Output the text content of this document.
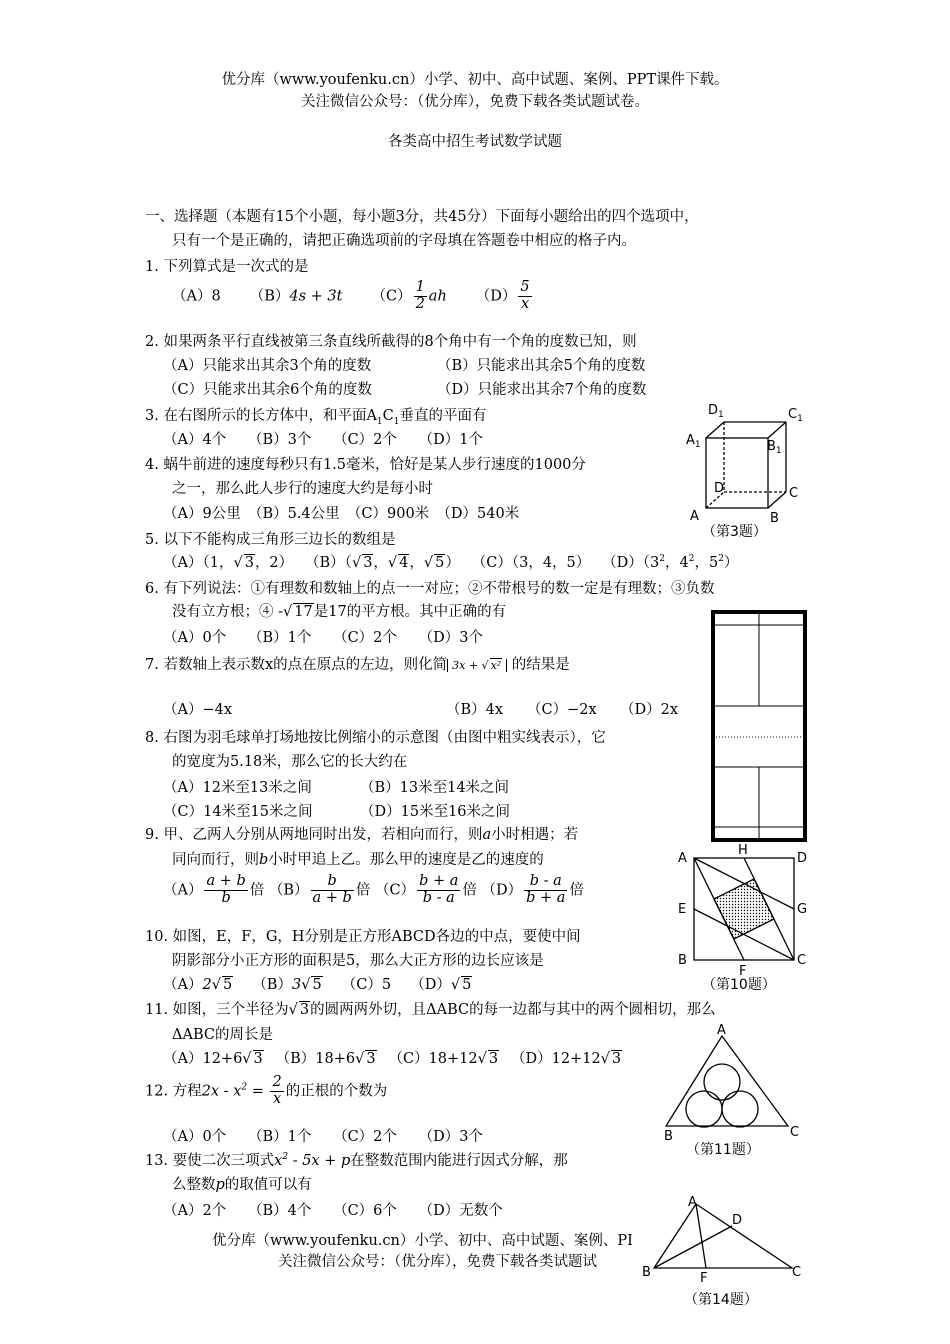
优分库（www.youfenku.cn）小学、初中、高中试题、案例、PPT课件下载。
关注微信公众号：（优分库），免费下载各类试题试卷。
各类高中招生考试数学试题
一、选择题（本题有15个小题，每小题3分，共45分）下面每小题给出的四个选项中，
只有一个是正确的，请把正确选项前的字母填在答题卷中相应的格子内。
1. 下列算式是一次式的是
（A）8   （B）4s + 3t   $(C) \frac{1}{2}$ ah   $(D) \frac{5}{x}$
2. 如果两条平行直线被第三条直线所截得的8个角中有一个角的度数已知，则
（A）只能求出其余3个角的度数	（B）只能求出其余5个角的度数
（C）只能求出其余6个角的度数	（D）只能求出其余7个角的度数
3. 在右图所示的长方体中，和平面$A_1C_1$垂直的平面有
（A）4个　　（B）3个　　（C）2个　　（D）1个
4. 蜗牛前进的速度每秒只有1.5毫米，恰好是某人步行速度的1000分
之一，那么此人步行的速度大约是每小时
（A）9公里　（B）5.4公里　（C）900米　（D）540米
5. 以下不能构成三角形三边长的数组是
（A）（1，√ 3，2）   （B）（√ 3，√ 4，√ 5）   （C）（3，4，5）   $(D)(3^2$，$4^2$，$5^2$）
6. 有下列说法：①有理数和数轴上的点一一对应；②不带根号的数一定是有理数；③负数
没有立方根；④ -√ 17是17的平方根。其中正确的有
（A）0个　　（B）1个　　（C）2个　　（D）3个
7. 若数轴上表示数x的点在原点的左边，则化简 3x + √ x² 的结果是
（A）−4x	（B）4x （C）−2x （D）2x
8. 右图为羽毛球单打场地按比例缩小的示意图（由图中粗实线表示），它
的宽度为5.18米，那么它的长大约在
（A）12米至13米之间	（B）13米至14米之间
（C）14米至15米之间	（D）15米至16米之间
9. 甲、乙两人分别从两地同时出发，若相向而行，则a小时相遇；若
同向而行，则b小时甲追上乙。那么甲的速度是乙的速度的
$(A) \frac{a + b}{b}$ 倍 $(B) \frac{b}{a + b}$ 倍 $(C) \frac{b + a}{b - a}$ 倍 $(D) \frac{b - a}{b + a}$ 倍
10. 如图，E，F，G，H分别是正方形ABCD各边的中点，要使中间
阴影部分小正方形的面积是5，那么大正方形的边长应该是
（A）2√ 5  （B）3√ 5  （C）5  （D）√ 5
11. 如图，三个半径为√ 3的圆两两外切，且ΔABC的每一边都与其中的两个圆相切，那么
ΔABC的周长是
（A）12+6√ 3  （B）18+6√ 3  （C）18+12√ 3  （D）12+12√ 3
12. 方程$2x - x^2 = \frac{2}{x}$ 的正根的个数为
（A）0个　　（B）1个　　（C）2个　　（D）3个
13. 要使二次三项式$x^2 - 5x + p$在整数范围内能进行因式分解，那
么整数p的取值可以有
（A）2个　　（B）4个　　（C）6个　　（D）无数个
优分库（www.youfenku.cn）小学、初中、高中试题、案例、PI
关注微信公众号：（优分库），免费下载各类试题试
$D_1$	$C_1$
$A_1$	$B_1$
D	C
A	B
（第3题）
A
H
D
E	G
B
F
C
（第10题）
A
B	C
（第11题）
A
D
B	F	C
（第14题）
